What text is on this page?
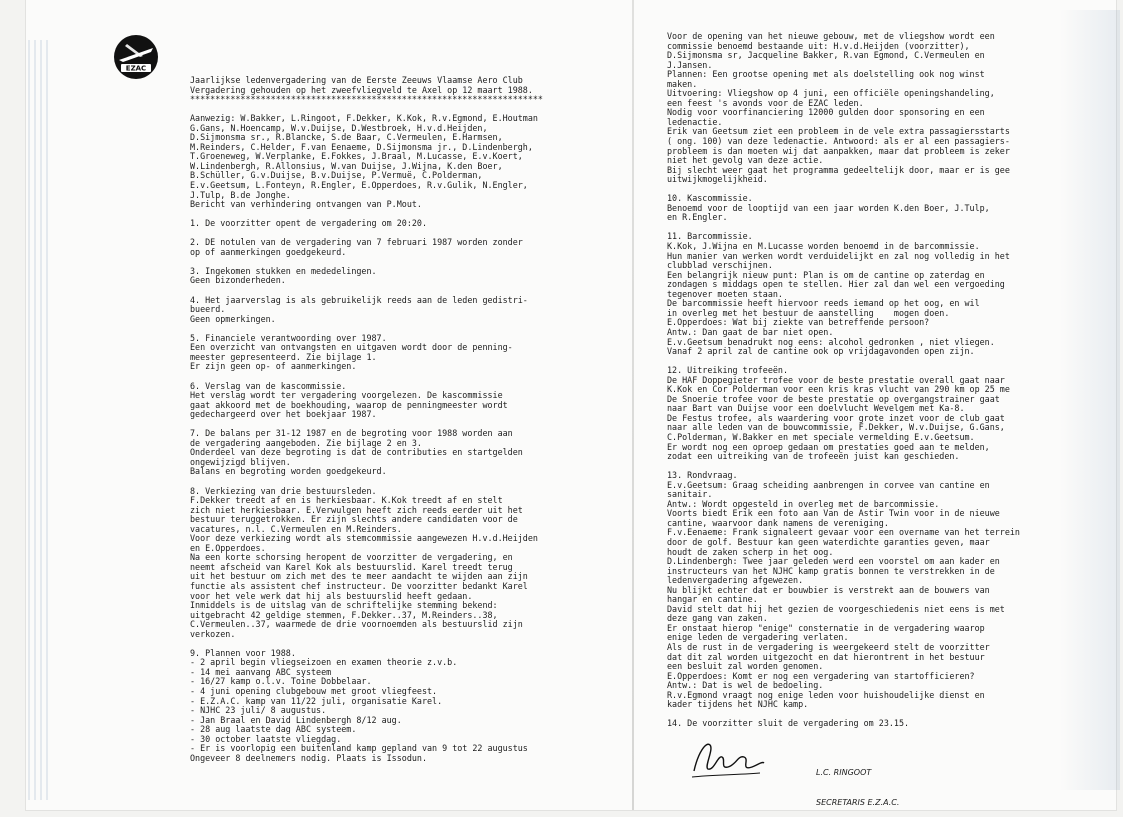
EZAC
Jaarlijkse ledenvergadering van de Eerste Zeeuws Vlaamse Aero Club
Vergadering gehouden op het zweefvliegveld te Axel op 12 maart 1988.
**********************************************************************
Aanwezig: W.Bakker, L.Ringoot, F.Dekker, K.Kok, R.v.Egmond, E.Houtman
G.Gans, N.Hoencamp, W.v.Duijse, D.Westbroek, H.v.d.Heijden,
D.Sijmonsma sr., R.Blancke, S.de Baar, C.Vermeulen, E.Harmsen,
M.Reinders, C.Helder, F.van Eenaeme, D.Sijmonsma jr., D.Lindenbergh,
T.Groeneweg, W.Verplanke, E.Fokkes, J.Braal, M.Lucasse, E.v.Koert,
W.Lindenbergh, R.Allonsius, W.van Duijse, J.Wijna, K.den Boer,
B.Schüller, G.v.Duijse, B.v.Duijse, P.Vermuë, C.Polderman,
E.v.Geetsum, L.Fonteyn, R.Engler, E.Opperdoes, R.v.Gulik, N.Engler,
J.Tulp, B.de Jonghe.
Bericht van verhindering ontvangen van P.Mout.
1. De voorzitter opent de vergadering om 20:20.
2. DE notulen van de vergadering van 7 februari 1987 worden zonder
op of aanmerkingen goedgekeurd.
3. Ingekomen stukken en mededelingen.
Geen bizonderheden.
4. Het jaarverslag is als gebruikelijk reeds aan de leden gedistri-
bueerd.
Geen opmerkingen.
5. Financiele verantwoording over 1987.
Een overzicht van ontvangsten en uitgaven wordt door de penning-
meester gepresenteerd. Zie bijlage 1.
Er zijn geen op- of aanmerkingen.
6. Verslag van de kascommissie.
Het verslag wordt ter vergadering voorgelezen. De kascommissie
gaat akkoord met de boekhouding, waarop de penningmeester wordt
gedechargeerd over het boekjaar 1987.
7. De balans per 31-12 1987 en de begroting voor 1988 worden aan
de vergadering aangeboden. Zie bijlage 2 en 3.
Onderdeel van deze begroting is dat de contributies en startgelden
ongewijzigd blijven.
Balans en begroting worden goedgekeurd.
8. Verkiezing van drie bestuursleden.
F.Dekker treedt af en is herkiesbaar. K.Kok treedt af en stelt
zich niet herkiesbaar. E.Verwulgen heeft zich reeds eerder uit het
bestuur teruggetrokken. Er zijn slechts andere candidaten voor de
vacatures, n.l. C.Vermeulen en M.Reinders.
Voor deze verkiezing wordt als stemcommissie aangewezen H.v.d.Heijden
en E.Opperdoes.
Na een korte schorsing heropent de voorzitter de vergadering, en
neemt afscheid van Karel Kok als bestuurslid. Karel treedt terug
uit het bestuur om zich met des te meer aandacht te wijden aan zijn
functie als assistent chef instructeur. De voorzitter bedankt Karel
voor het vele werk dat hij als bestuurslid heeft gedaan.
Inmiddels is de uitslag van de schriftelijke stemming bekend:
uitgebracht 42 geldige stemmen, F.Dekker..37, M.Reinders..38,
C.Vermeulen..37, waarmede de drie voornoemden als bestuurslid zijn
verkozen.
9. Plannen voor 1988.
- 2 april begin vliegseizoen en examen theorie z.v.b.
- 14 mei aanvang ABC systeem
- 16/27 kamp o.l.v. Toine Dobbelaar.
- 4 juni opening clubgebouw met groot vliegfeest.
- E.Z.A.C. kamp van 11/22 juli, organisatie Karel.
- NJHC 23 juli/ 8 augustus.
- Jan Braal en David Lindenbergh 8/12 aug.
- 28 aug laatste dag ABC systeem.
- 30 october laatste vliegdag.
- Er is voorlopig een buitenland kamp gepland van 9 tot 22 augustus
Ongeveer 8 deelnemers nodig. Plaats is Issodun.
Voor de opening van het nieuwe gebouw, met de vliegshow wordt een
commissie benoemd bestaande uit: H.v.d.Heijden (voorzitter),
D.Sijmonsma sr, Jacqueline Bakker, R.van Egmond, C.Vermeulen en
J.Jansen.
Plannen: Een grootse opening met als doelstelling ook nog winst
maken.
Uitvoering: Vliegshow op 4 juni, een officiële openingshandeling,
een feest 's avonds voor de EZAC leden.
Nodig voor voorfinanciering 12000 gulden door sponsoring en een
ledenactie.
Erik van Geetsum ziet een probleem in de vele extra passagiersstarts
( ong. 100) van deze ledenactie. Antwoord: als er al een passagiers-
probleem is dan moeten wij dat aanpakken, maar dat probleem is zeker
niet het gevolg van deze actie.
Bij slecht weer gaat het programma gedeeltelijk door, maar er is gee
uitwijkmogelijkheid.
10. Kascommissie.
Benoemd voor de looptijd van een jaar worden K.den Boer, J.Tulp,
en R.Engler.
11. Barcommissie.
K.Kok, J.Wijna en M.Lucasse worden benoemd in de barcommissie.
Hun manier van werken wordt verduidelijkt en zal nog volledig in het
clubblad verschijnen.
Een belangrijk nieuw punt: Plan is om de cantine op zaterdag en
zondagen s middags open te stellen. Hier zal dan wel een vergoeding
tegenover moeten staan.
De barcommissie heeft hiervoor reeds iemand op het oog, en wil
in overleg met het bestuur de aanstelling    mogen doen.
E.Opperdoes: Wat bij ziekte van betreffende persoon?
Antw.: Dan gaat de bar niet open.
E.v.Geetsum benadrukt nog eens: alcohol gedronken , niet vliegen.
Vanaf 2 april zal de cantine ook op vrijdagavonden open zijn.
12. Uitreiking trofeeën.
De HAF Doppegieter trofee voor de beste prestatie overall gaat naar
K.Kok en Cor Polderman voor een kris kras vlucht van 290 km op 25 me
De Snoerie trofee voor de beste prestatie op overgangstrainer gaat
naar Bart van Duijse voor een doelvlucht Wevelgem met Ka-8.
De Festus trofee, als waardering voor grote inzet voor de club gaat
naar alle leden van de bouwcommissie, F.Dekker, W.v.Duijse, G.Gans,
C.Polderman, W.Bakker en met speciale vermelding E.v.Geetsum.
Er wordt nog een oproep gedaan om prestaties goed aan te melden,
zodat een uitreiking van de trofeeën juist kan geschieden.
13. Rondvraag.
E.v.Geetsum: Graag scheiding aanbrengen in corvee van cantine en
sanitair.
Antw.: Wordt opgesteld in overleg met de barcommissie.
Voorts biedt Erik een foto aan Van de Astir Twin voor in de nieuwe
cantine, waarvoor dank namens de vereniging.
F.v.Eenaeme: Frank signaleert gevaar voor een overname van het terrein
door de golf. Bestuur kan geen waterdichte garanties geven, maar
houdt de zaken scherp in het oog.
D.Lindenbergh: Twee jaar geleden werd een voorstel om aan kader en
instructeurs van het NJHC kamp gratis bonnen te verstrekken in de
ledenvergadering afgewezen.
Nu blijkt echter dat er bouwbier is verstrekt aan de bouwers van
hangar en cantine.
David stelt dat hij het gezien de voorgeschiedenis niet eens is met
deze gang van zaken.
Er onstaat hierop "enige" consternatie in de vergadering waarop
enige leden de vergadering verlaten.
Als de rust in de vergadering is weergekeerd stelt de voorzitter
dat dit zal worden uitgezocht en dat hierontrent in het bestuur
een besluit zal worden genomen.
E.Opperdoes: Komt er nog een vergadering van startofficieren?
Antw.: Dat is wel de bedoeling.
R.v.Egmond vraagt nog enige leden voor huishoudelijke dienst en
kader tijdens het NJHC kamp.
14. De voorzitter sluit de vergadering om 23.15.

L.C. RINGOOT

SECRETARIS E.Z.A.C.
